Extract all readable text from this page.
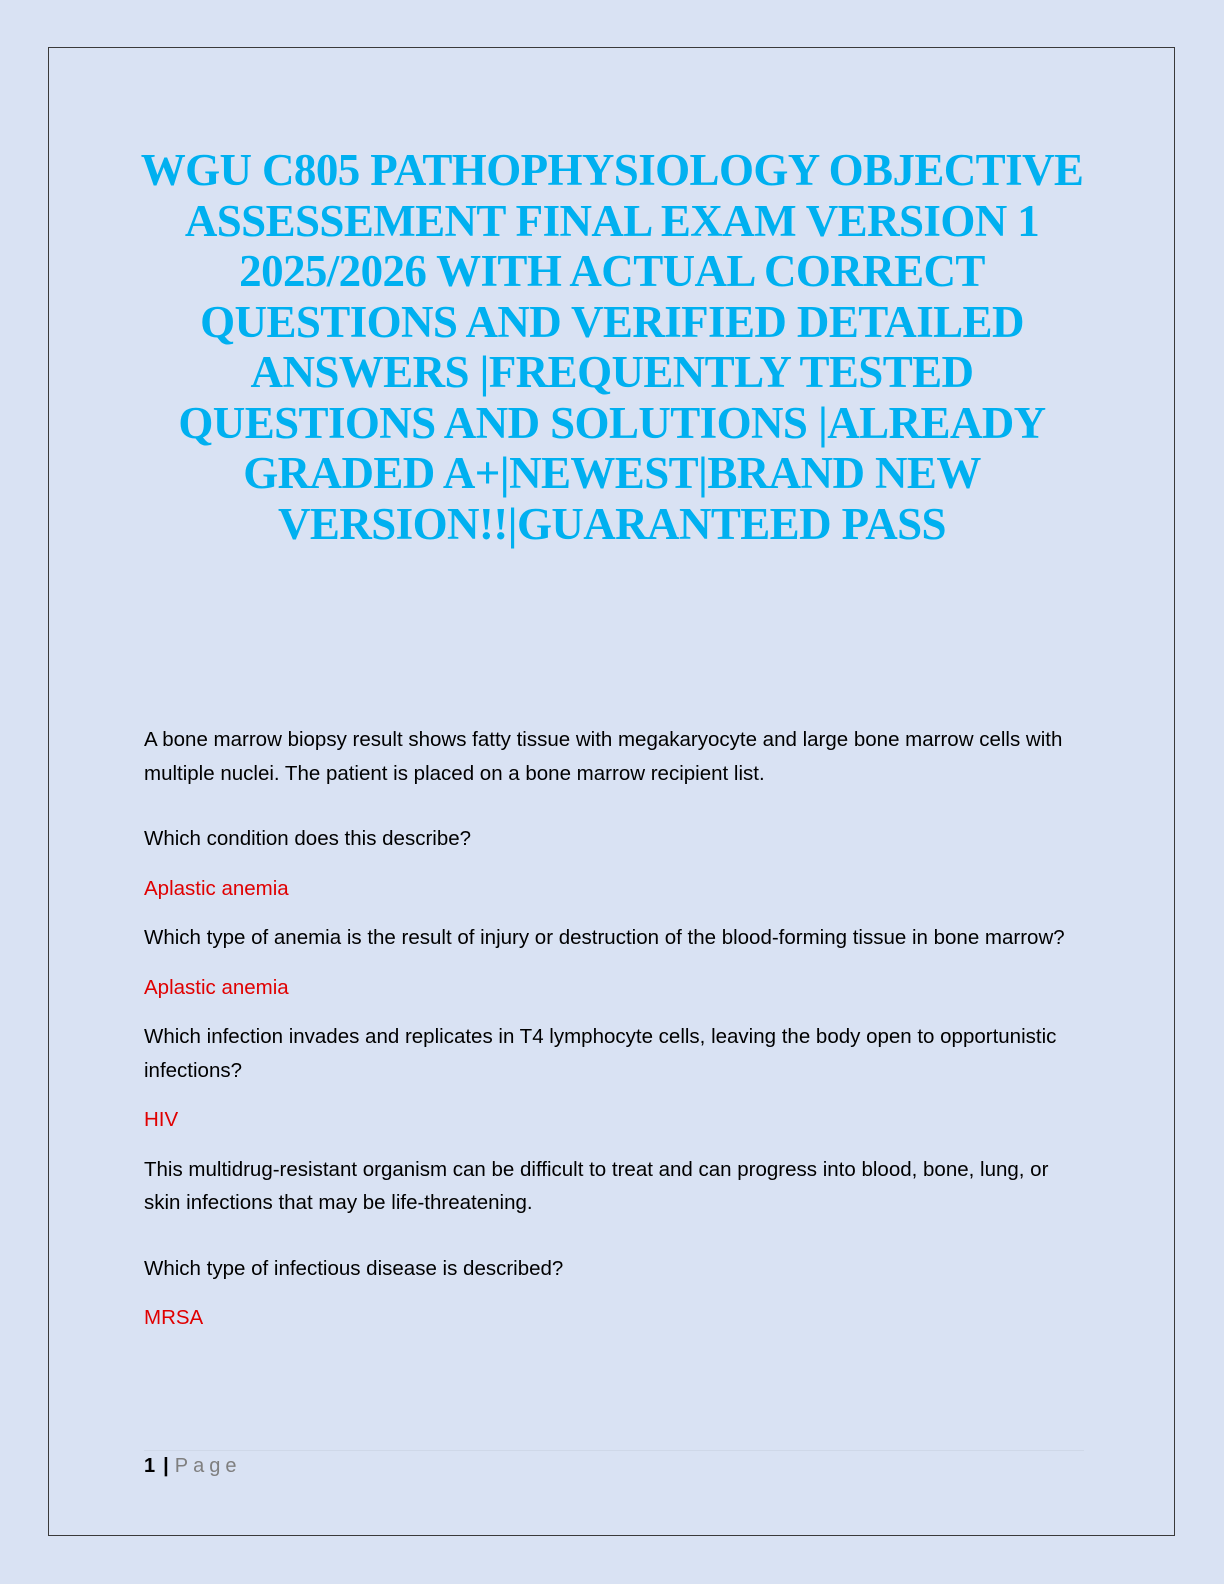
WGU C805 PATHOPHYSIOLOGY OBJECTIVE ASSESSEMENT FINAL EXAM VERSION 1 2025/2026 WITH ACTUAL CORRECT QUESTIONS AND VERIFIED DETAILED ANSWERS |FREQUENTLY TESTED QUESTIONS AND SOLUTIONS |ALREADY GRADED A+|NEWEST|BRAND NEW VERSION!!|GUARANTEED PASS

A bone marrow biopsy result shows fatty tissue with megakaryocyte and large bone marrow cells with multiple nuclei. The patient is placed on a bone marrow recipient list.

Which condition does this describe?

Aplastic anemia

Which type of anemia is the result of injury or destruction of the blood-forming tissue in bone marrow?

Aplastic anemia

Which infection invades and replicates in T4 lymphocyte cells, leaving the body open to opportunistic infections?

HIV

This multidrug-resistant organism can be difficult to treat and can progress into blood, bone, lung, or skin infections that may be life-threatening.

Which type of infectious disease is described?

MRSA

1 | Page
